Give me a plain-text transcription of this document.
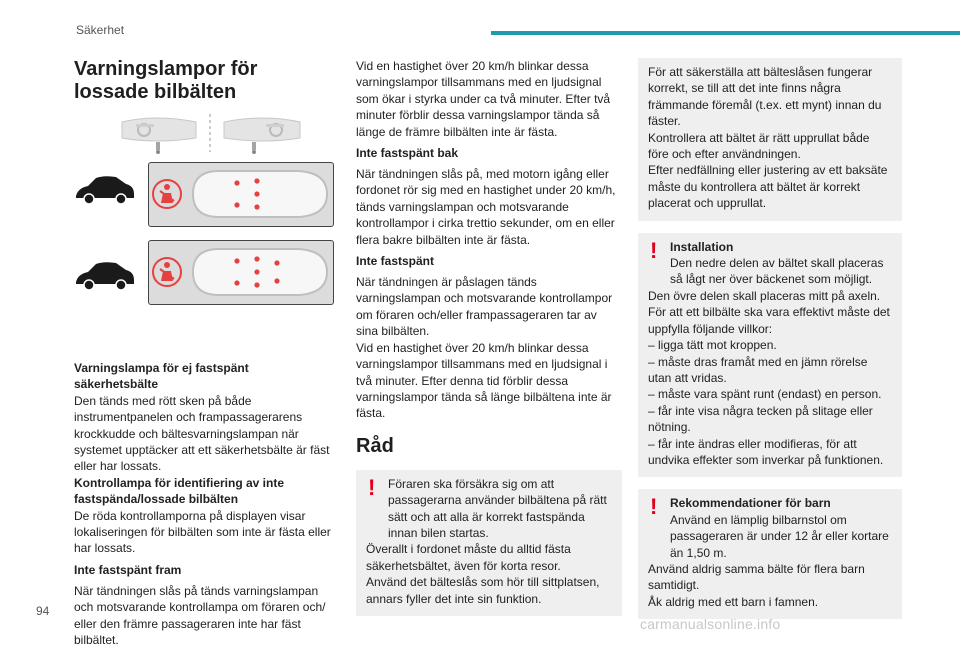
Säkerhet
Varningslampor för lossade bilbälten

Varningslampa för ej fastspänt säkerhetsbälte

Den tänds med rött sken på både instrumentpanelen och frampassagerarens krockkudde och bältesvarningslampan när systemet upptäcker att ett säkerhetsbälte är fäst eller har lossats.

Kontrollampa för identifiering av inte fastspända/lossade bilbälten

De röda kontrollamporna på displayen visar lokaliseringen för bilbälten som inte är fästa eller har lossats.

Inte fastspänt fram

När tändningen slås på tänds varningslampan och motsvarande kontrollampa om föraren och/ eller den främre passageraren inte har fäst bilbältet.

Vid en hastighet över 20 km/h blinkar dessa varningslampor tillsammans med en ljudsignal som ökar i styrka under ca två minuter. Efter två minuter förblir dessa varningslampor tända så länge de främre bilbälten inte är fästa.

Inte fastspänt bak

När tändningen slås på, med motorn igång eller fordonet rör sig med en hastighet under 20 km/h, tänds varningslampan och motsvarande kontrollampor i cirka trettio sekunder, om en eller flera bakre bilbälten inte är fästa.

Inte fastspänt

När tändningen är påslagen tänds varningslampan och motsvarande kontrollampor om föraren och/eller frampassageraren tar av sina bilbälten.

Vid en hastighet över 20 km/h blinkar dessa varningslampor tillsammans med en ljudsignal i två minuter. Efter denna tid förblir dessa varningslampor tända så länge bilbältena inte är fästa.

Råd
!	Föraren ska försäkra sig om att passagerarna använder bilbältena på rätt sätt och att alla är korrekt fastspända innan bilen startas.

Överallt i fordonet måste du alltid fästa säkerhetsbältet, även för korta resor.

Använd det bälteslås som hör till sittplatsen, annars fyller det inte sin funktion.

För att säkerställa att bälteslåsen fungerar korrekt, se till att det inte finns några främmande föremål (t.ex. ett mynt) innan du fäster.

Kontrollera att bältet är rätt upprullat både före och efter användningen.

Efter nedfällning eller justering av ett baksäte måste du kontrollera att bältet är korrekt placerat och upprullat.

!	Installation

Den nedre delen av bältet skall placeras så lågt ner över bäckenet som möjligt.

Den övre delen skall placeras mitt på axeln.

För att ett bilbälte ska vara effektivt måste det uppfylla följande villkor:

– ligga tätt mot kroppen.

– måste dras framåt med en jämn rörelse utan att vridas.

– måste vara spänt runt (endast) en person.

– får inte visa några tecken på slitage eller nötning.

– får inte ändras eller modifieras, för att undvika effekter som inverkar på funktionen.

!	Rekommendationer för barn

Använd en lämplig bilbarnstol om passageraren är under 12 år eller kortare än 1,50 m.

Använd aldrig samma bälte för flera barn samtidigt.

Åk aldrig med ett barn i famnen.

94
carmanualsonline.info
